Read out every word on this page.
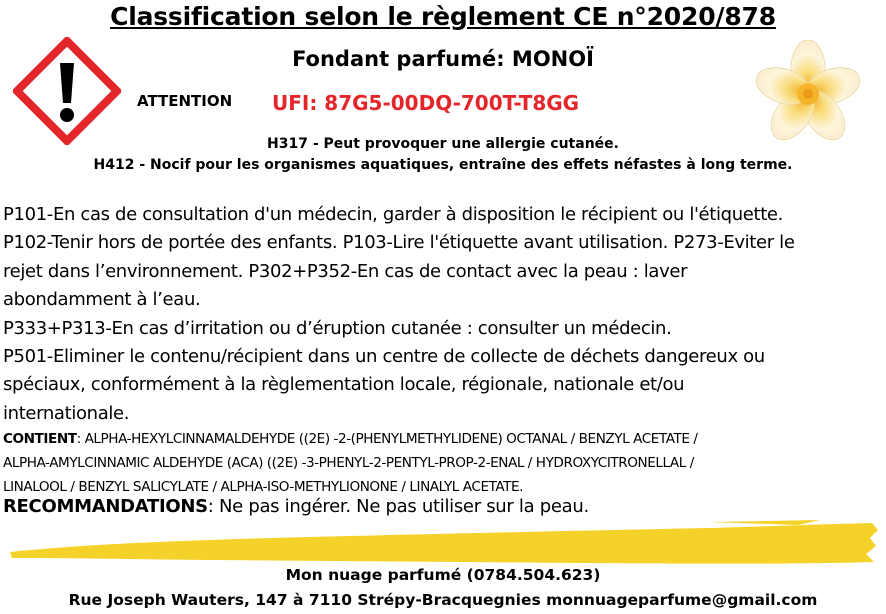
Classification selon le règlement CE n°2020/878
Fondant parfumé: MONOÏ
ATTENTION UFI: 87G5-00DQ-700T-T8GG
H317 - Peut provoquer une allergie cutanée.
H412 - Nocif pour les organismes aquatiques, entraîne des effets néfastes à long terme.
P101-En cas de consultation d'un médecin, garder à disposition le récipient ou l'étiquette.
P102-Tenir hors de portée des enfants. P103-Lire l'étiquette avant utilisation. P273-Eviter le
rejet dans l’environnement. P302+P352-En cas de contact avec la peau : laver
abondamment à l’eau.
P333+P313-En cas d’irritation ou d’éruption cutanée : consulter un médecin.
P501-Eliminer le contenu/récipient dans un centre de collecte de déchets dangereux ou
spéciaux, conformément à la règlementation locale, régionale, nationale et/ou
internationale.
CONTIENT: ALPHA-HEXYLCINNAMALDEHYDE ((2E) -2-(PHENYLMETHYLIDENE) OCTANAL / BENZYL ACETATE /
ALPHA-AMYLCINNAMIC ALDEHYDE (ACA) ((2E) -3-PHENYL-2-PENTYL-PROP-2-ENAL / HYDROXYCITRONELLAL /
LINALOOL / BENZYL SALICYLATE / ALPHA-ISO-METHYLIONONE / LINALYL ACETATE.
RECOMMANDATIONS: Ne pas ingérer. Ne pas utiliser sur la peau.
Mon nuage parfumé (0784.504.623)
Rue Joseph Wauters, 147 à 7110 Strépy-Bracquegnies monnuageparfume@gmail.com
